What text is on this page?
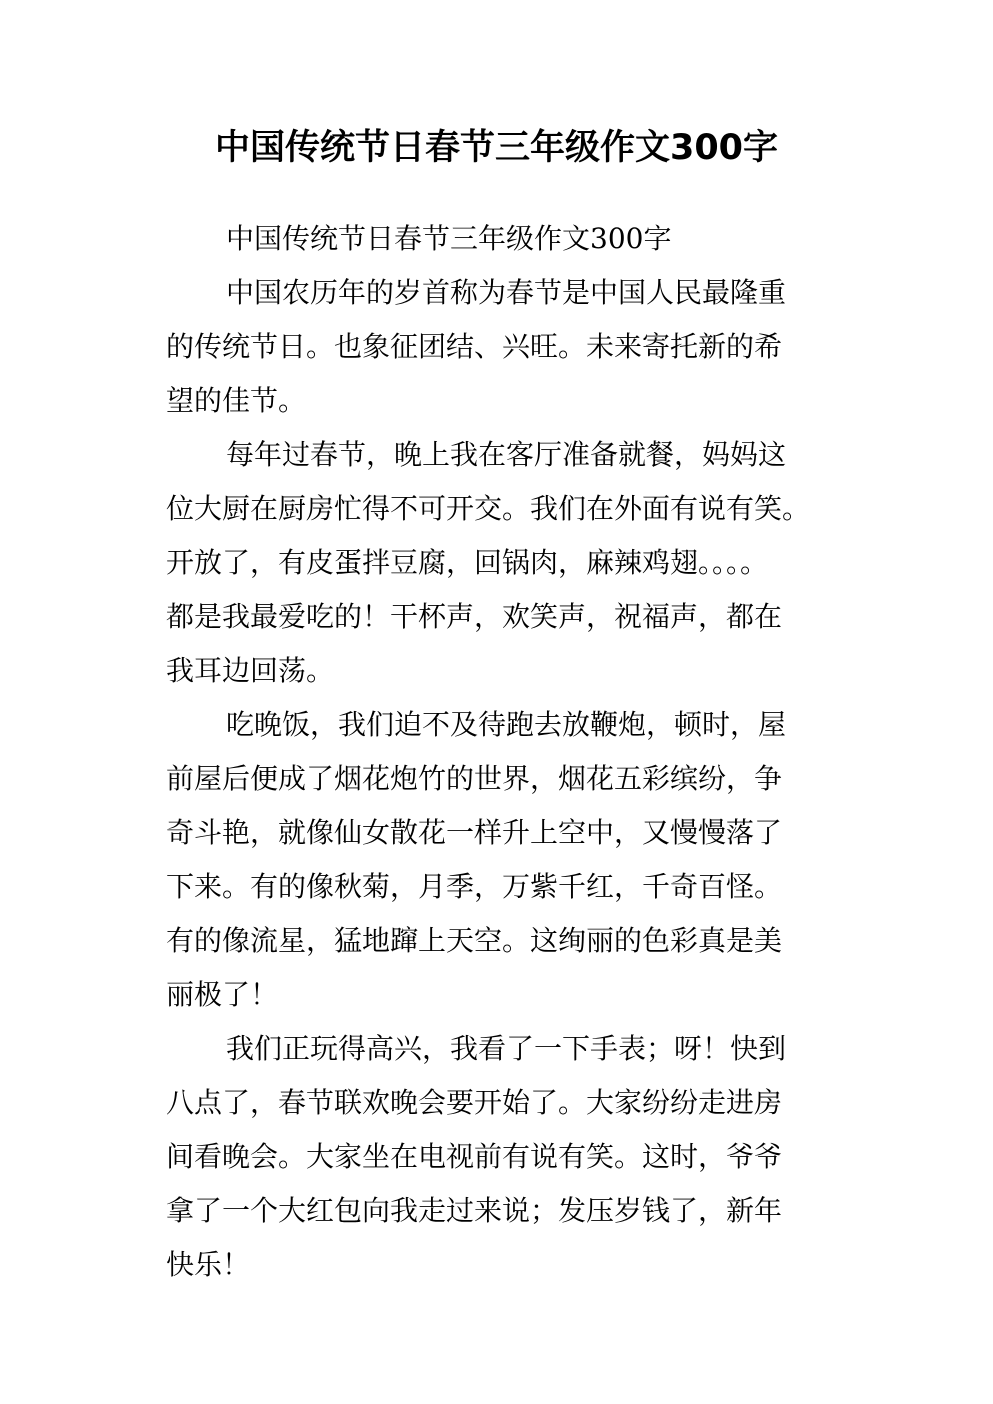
中国传统节日春节三年级作文300字

中国传统节日春节三年级作文300字

中国农历年的岁首称为春节是中国人民最隆重

的传统节日。也象征团结、兴旺。未来寄托新的希

望的佳节。

每年过春节，晚上我在客厅准备就餐，妈妈这

位大厨在厨房忙得不可开交。我们在外面有说有笑。

开放了，有皮蛋拌豆腐，回锅肉，麻辣鸡翅。。。。

都是我最爱吃的！干杯声，欢笑声，祝福声，都在

我耳边回荡。

吃晚饭，我们迫不及待跑去放鞭炮，顿时，屋

前屋后便成了烟花炮竹的世界，烟花五彩缤纷，争

奇斗艳，就像仙女散花一样升上空中，又慢慢落了

下来。有的像秋菊，月季，万紫千红，千奇百怪。

有的像流星，猛地蹿上天空。这绚丽的色彩真是美

丽极了！

我们正玩得高兴，我看了一下手表；呀！快到

八点了，春节联欢晚会要开始了。大家纷纷走进房

间看晚会。大家坐在电视前有说有笑。这时，爷爷

拿了一个大红包向我走过来说；发压岁钱了，新年

快乐！
